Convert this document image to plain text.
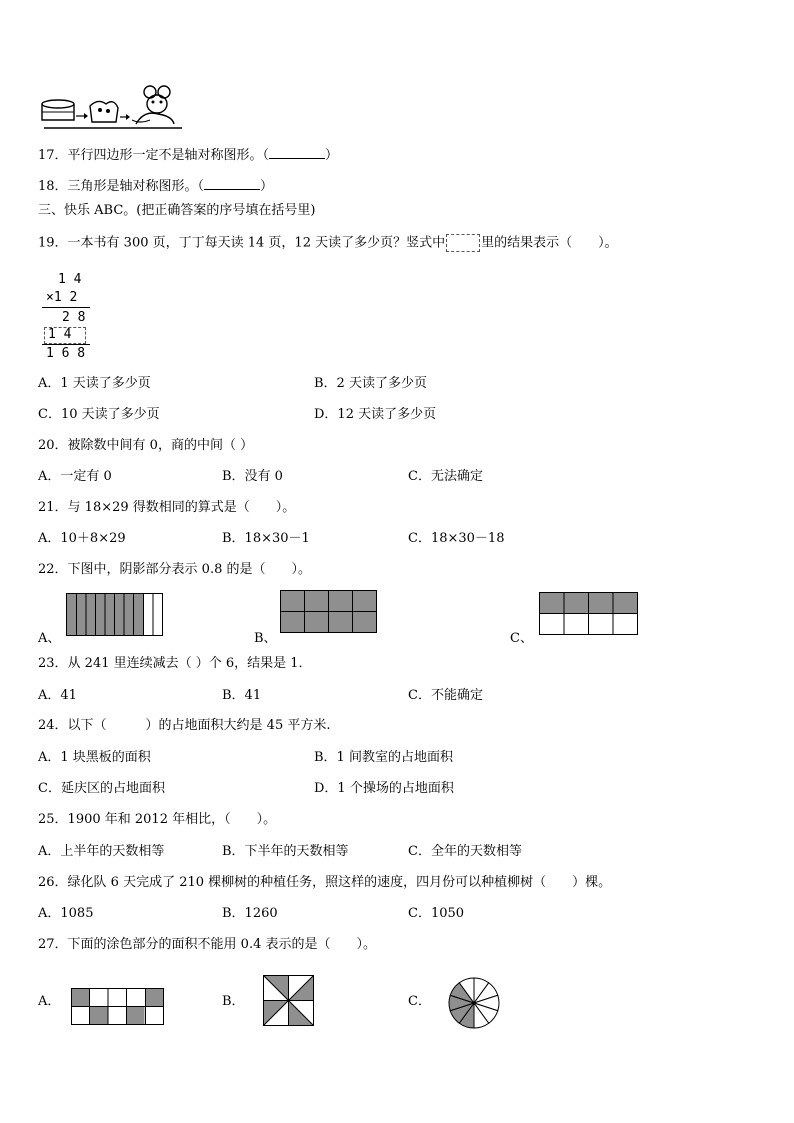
17．平行四边形一定不是轴对称图形。（	）
18．三角形是轴对称图形。（	）
三、快乐 ABC。(把正确答案的序号填在括号里)
19．一本书有 300 页，丁丁每天读 14 页，12 天读了多少页？竖式中	里的结果表示（　　）。
1 4
×1 2
2 8
1 4
1 6 8
A．1 天读了多少页	B．2 天读了多少页
C．10 天读了多少页	D．12 天读了多少页
20．被除数中间有 0，商的中间（ ）
A．一定有 0	B．没有 0	C．无法确定
21．与 18×29 得数相同的算式是（　　）。
A．10＋8×29	B．18×30－1	C．18×30－18
22．下图中，阴影部分表示 0.8 的是（　　）。
A、	B、	C、
23．从 241 里连续减去（ ）个 6，结果是 1．
A．41	B．41	C．不能确定
24．以下（　　　）的占地面积大约是 45 平方米.
A．1 块黑板的面积	B．1 间教室的占地面积
C．延庆区的占地面积	D．1 个操场的占地面积
25．1900 年和 2012 年相比，（　　）。
A．上半年的天数相等	B．下半年的天数相等	C．全年的天数相等
26．绿化队 6 天完成了 210 棵柳树的种植任务，照这样的速度，四月份可以种植柳树（　　）棵。
A．1085	B．1260	C．1050
27．下面的涂色部分的面积不能用 0.4 表示的是（　　）。
A．	B．	C．
